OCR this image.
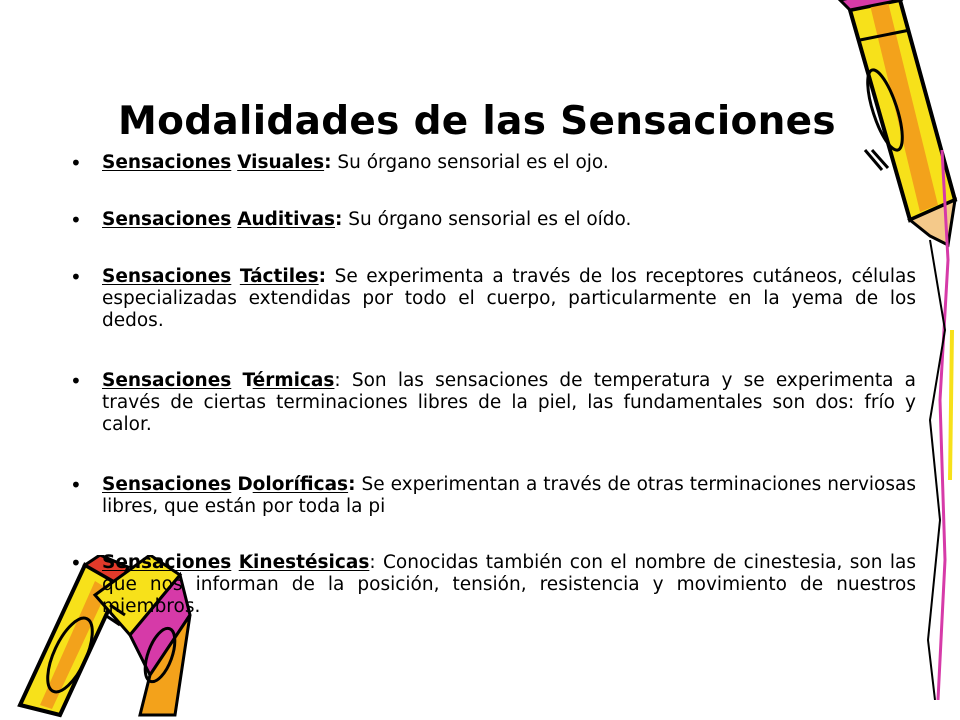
Modalidades de las Sensaciones
• Sensaciones Visuales: Su órgano sensorial es el ojo.

• Sensaciones Auditivas: Su órgano sensorial es el oído.

• Sensaciones Táctiles: Se experimenta a través de los receptores cutáneos, células especializadas extendidas por todo el cuerpo, particularmente en la yema de los dedos.

• Sensaciones Térmicas: Son las sensaciones de temperatura y se experimenta a través de ciertas terminaciones libres de la piel, las fundamentales son dos: frío y calor.

• Sensaciones Doloríficas: Se experimentan a través de otras terminaciones nerviosas libres, que están por toda la pi

• Sensaciones Kinestésicas: Conocidas también con el nombre de cinestesia, son las que nos informan de la posición, tensión, resistencia y movimiento de nuestros miembros.
